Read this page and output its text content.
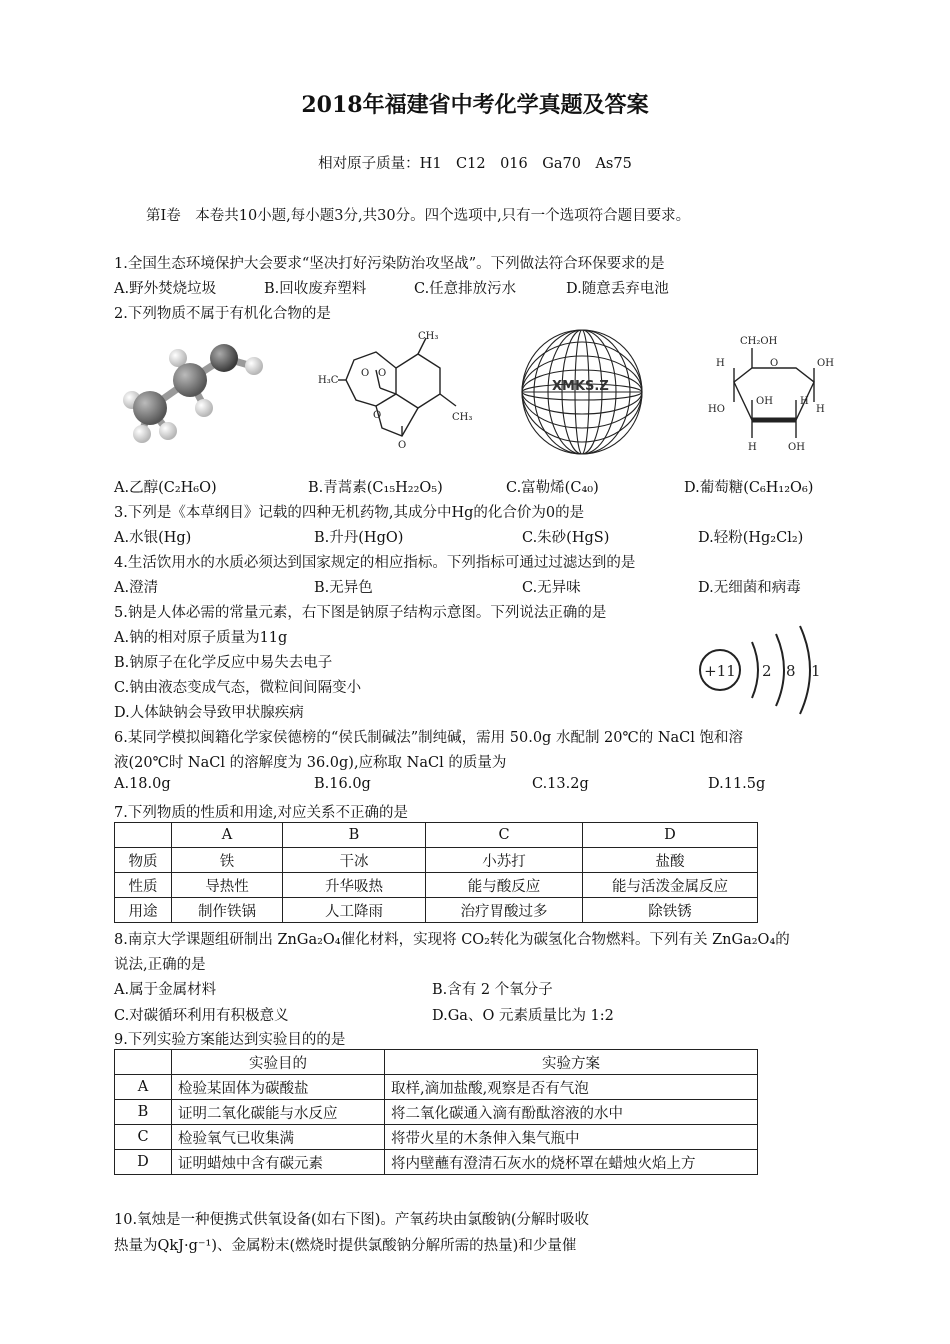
2018年福建省中考化学真题及答案
相对原子质量：H1　C12　016　Ga70　As75
第Ⅰ卷　本卷共10小题,每小题3分,共30分。四个选项中,只有一个选项符合题目要求。
1.全国生态环境保护大会要求“坚决打好污染防治攻坚战”。下列做法符合环保要求的是
A.野外焚烧垃圾	B.回收废弃塑料	C.任意排放污水	D.随意丢弃电池
2.下列物质不属于有机化合物的是
H₃C O O O O CH₃ CH₃
XMKS.Z
CH₂OH H	O	OH H HO OH	H H	OH
A.乙醇(C₂H₆O)	B.青蒿素(C₁₅H₂₂O₅)	C.富勒烯(C₄₀)	D.葡萄糖(C₆H₁₂O₆)
3.下列是《本草纲目》记载的四种无机药物,其成分中Hg的化合价为0的是
A.水银(Hg)	B.升丹(HgO)	C.朱砂(HgS)	D.轻粉(Hg₂Cl₂)
4.生活饮用水的水质必须达到国家规定的相应指标。下列指标可通过过滤达到的是
A.澄清	B.无异色	C.无异味	D.无细菌和病毒
5.钠是人体必需的常量元素，右下图是钠原子结构示意图。下列说法正确的是
A.钠的相对原子质量为11g
B.钠原子在化学反应中易失去电子
C.钠由液态变成气态，微粒间间隔变小
D.人体缺钠会导致甲状腺疾病
+11 2 8 1
6.某同学模拟闽籍化学家侯德榜的“侯氏制碱法”制纯碱，需用 50.0g 水配制 20℃的 NaCl 饱和溶
液(20℃时 NaCl 的溶解度为 36.0g),应称取 NaCl 的质量为
A.18.0g	B.16.0g	C.13.2g	D.11.5g
7.下列物质的性质和用途,对应关系不正确的是
	A	B	C	D
物质	铁	干冰	小苏打	盐酸
性质	导热性	升华吸热	能与酸反应	能与活泼金属反应
用途	制作铁锅	人工降雨	治疗胃酸过多	除铁锈
8.南京大学课题组研制出 ZnGa₂O₄催化材料，实现将 CO₂转化为碳氢化合物燃料。下列有关 ZnGa₂O₄的
说法,正确的是
A.属于金属材料	B.含有 2 个氧分子
C.对碳循环利用有积极意义	D.Ga、O 元素质量比为 1:2
9.下列实验方案能达到实验目的的是
	实验目的	实验方案
A	检验某固体为碳酸盐	取样,滴加盐酸,观察是否有气泡
B	证明二氧化碳能与水反应	将二氧化碳通入滴有酚酞溶液的水中
C	检验氧气已收集满	将带火星的木条伸入集气瓶中
D	证明蜡烛中含有碳元素	将内壁蘸有澄清石灰水的烧杯罩在蜡烛火焰上方
10.氧烛是一种便携式供氧设备(如右下图)。产氧药块由氯酸钠(分解时吸收
热量为QkJ·g⁻¹)、金属粉末(燃烧时提供氯酸钠分解所需的热量)和少量催
